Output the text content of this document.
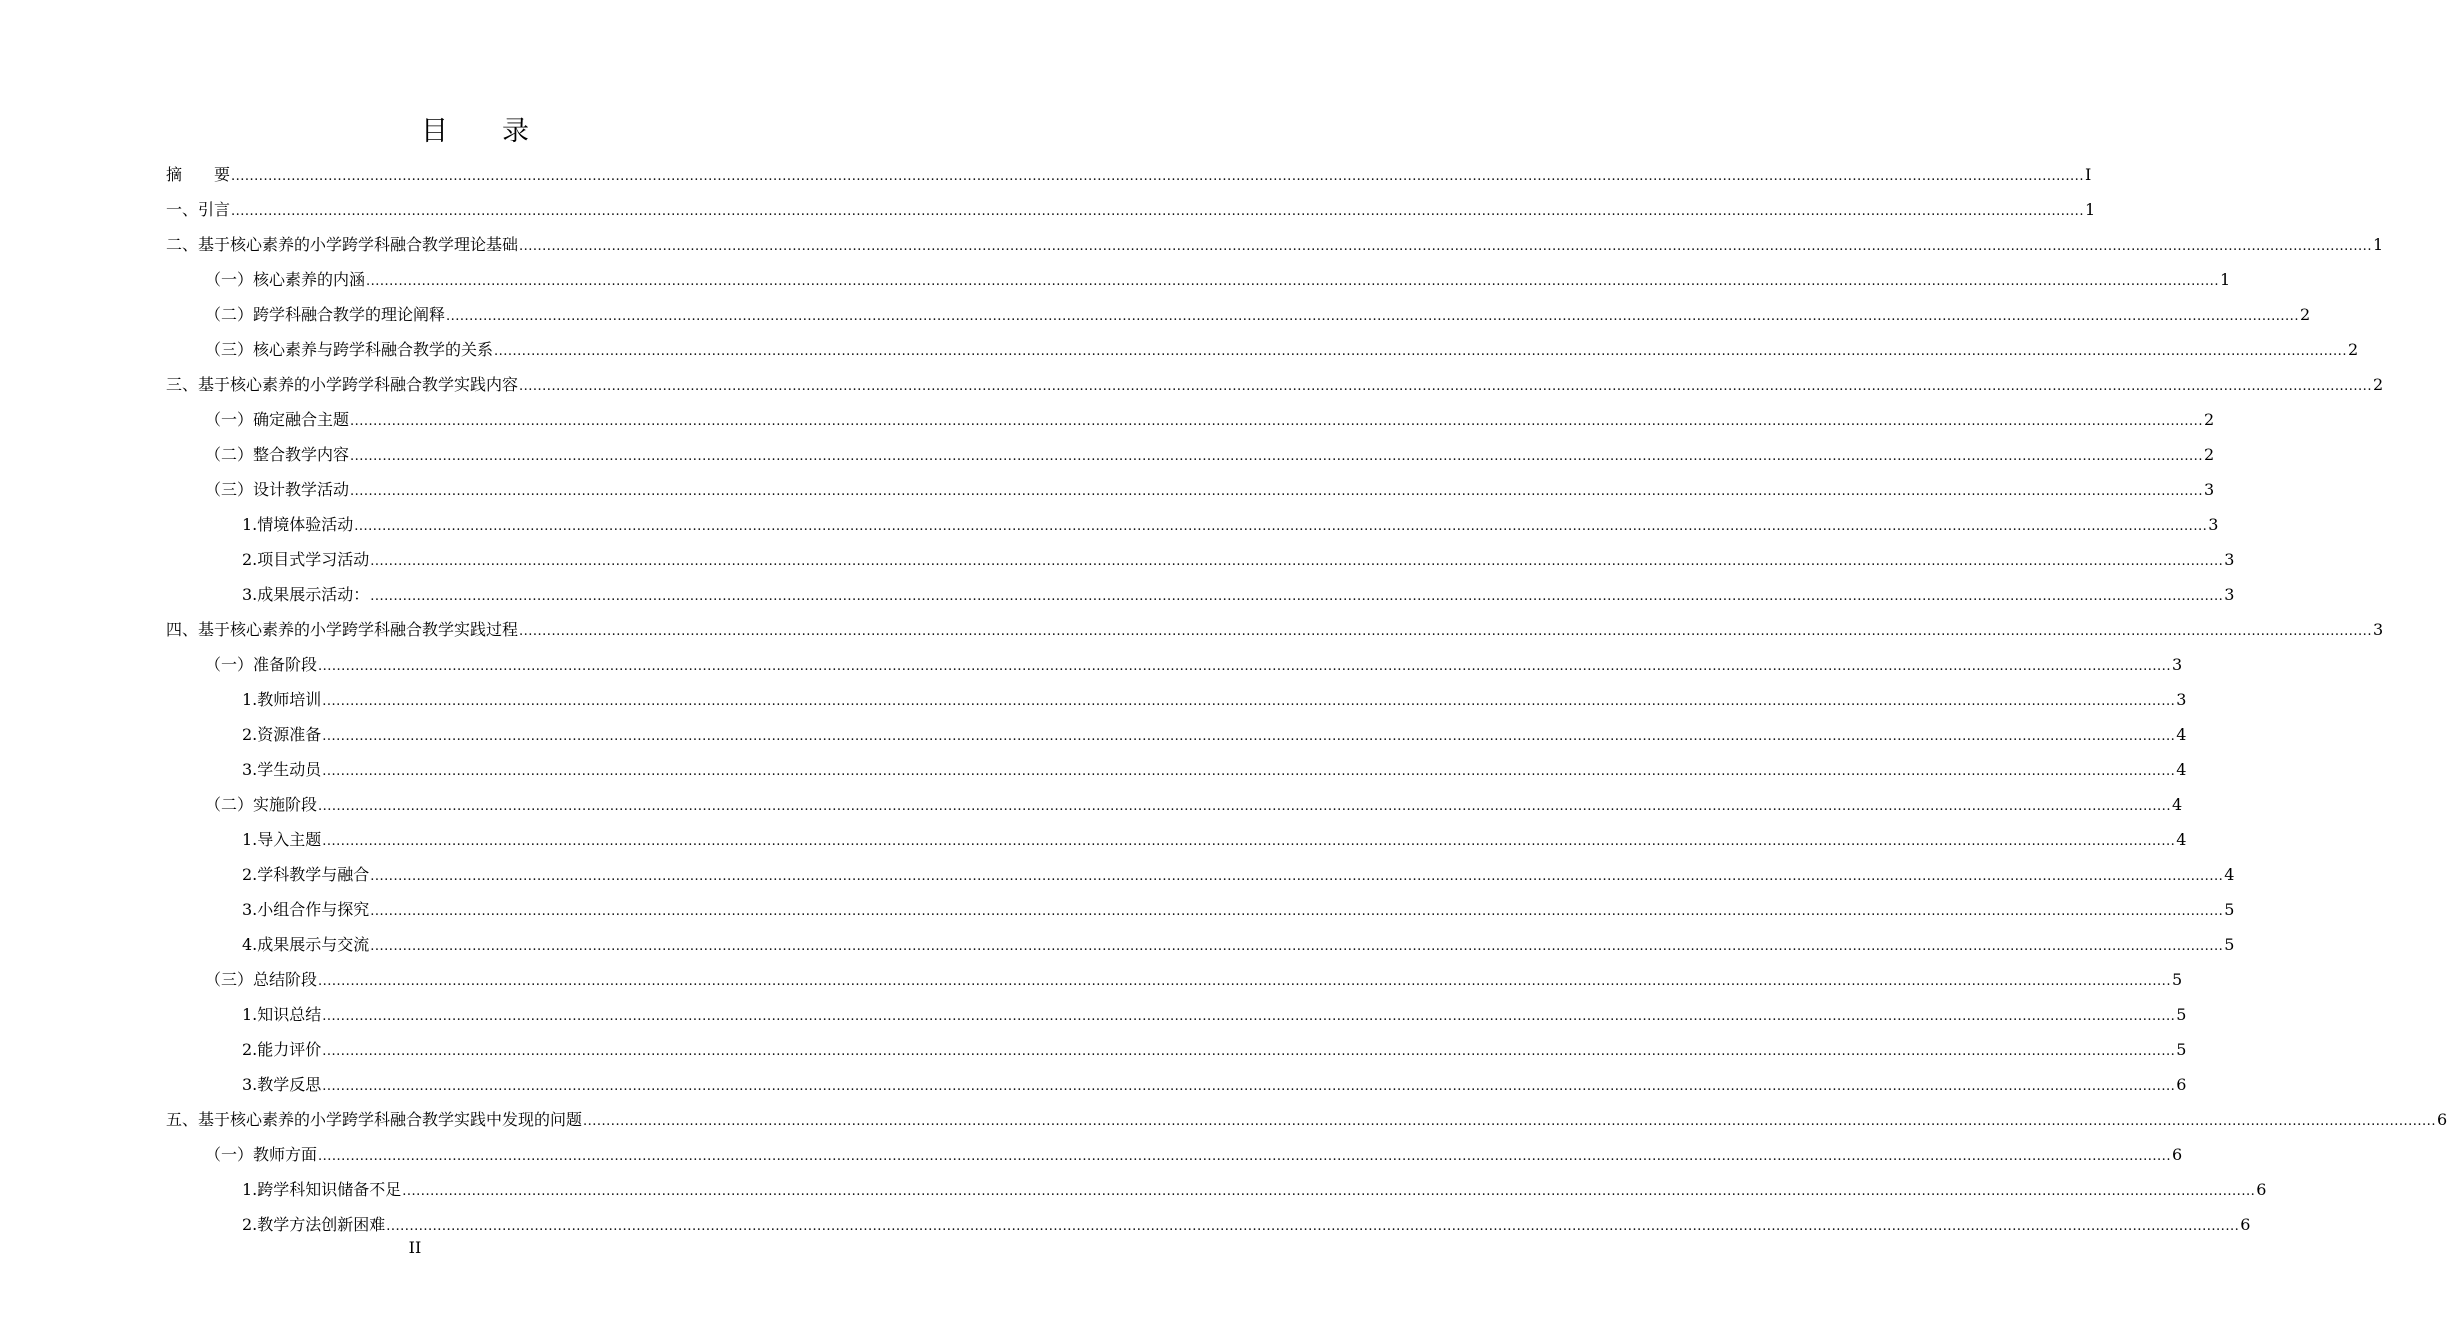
目　　录
摘　　要 ................................................................................................................................................................................................................................................................................................................................................................................................................ I
一、引言 ................................................................................................................................................................................................................................................................................................................................................................................................................ 1
二、基于核心素养的小学跨学科融合教学理论基础 ................................................................................................................................................................................................................................................................................................................................................................................................................ 1
（一）核心素养的内涵 ................................................................................................................................................................................................................................................................................................................................................................................................................ 1
（二）跨学科融合教学的理论阐释 ................................................................................................................................................................................................................................................................................................................................................................................................................ 2
（三）核心素养与跨学科融合教学的关系 ................................................................................................................................................................................................................................................................................................................................................................................................................ 2
三、基于核心素养的小学跨学科融合教学实践内容 ................................................................................................................................................................................................................................................................................................................................................................................................................ 2
（一）确定融合主题 ................................................................................................................................................................................................................................................................................................................................................................................................................ 2
（二）整合教学内容 ................................................................................................................................................................................................................................................................................................................................................................................................................ 2
（三）设计教学活动 ................................................................................................................................................................................................................................................................................................................................................................................................................ 3
1.情境体验活动 ................................................................................................................................................................................................................................................................................................................................................................................................................ 3
2.项目式学习活动 ................................................................................................................................................................................................................................................................................................................................................................................................................ 3
3.成果展示活动： ................................................................................................................................................................................................................................................................................................................................................................................................................ 3
四、基于核心素养的小学跨学科融合教学实践过程 ................................................................................................................................................................................................................................................................................................................................................................................................................ 3
（一）准备阶段 ................................................................................................................................................................................................................................................................................................................................................................................................................ 3
1.教师培训 ................................................................................................................................................................................................................................................................................................................................................................................................................ 3
2.资源准备 ................................................................................................................................................................................................................................................................................................................................................................................................................ 4
3.学生动员 ................................................................................................................................................................................................................................................................................................................................................................................................................ 4
（二）实施阶段 ................................................................................................................................................................................................................................................................................................................................................................................................................ 4
1.导入主题 ................................................................................................................................................................................................................................................................................................................................................................................................................ 4
2.学科教学与融合 ................................................................................................................................................................................................................................................................................................................................................................................................................ 4
3.小组合作与探究 ................................................................................................................................................................................................................................................................................................................................................................................................................ 5
4.成果展示与交流 ................................................................................................................................................................................................................................................................................................................................................................................................................ 5
（三）总结阶段 ................................................................................................................................................................................................................................................................................................................................................................................................................ 5
1.知识总结 ................................................................................................................................................................................................................................................................................................................................................................................................................ 5
2.能力评价 ................................................................................................................................................................................................................................................................................................................................................................................................................ 5
3.教学反思 ................................................................................................................................................................................................................................................................................................................................................................................................................ 6
五、基于核心素养的小学跨学科融合教学实践中发现的问题 ................................................................................................................................................................................................................................................................................................................................................................................................................ 6
（一）教师方面 ................................................................................................................................................................................................................................................................................................................................................................................................................ 6
1.跨学科知识储备不足 ................................................................................................................................................................................................................................................................................................................................................................................................................ 6
2.教学方法创新困难 ................................................................................................................................................................................................................................................................................................................................................................................................................ 6
II
